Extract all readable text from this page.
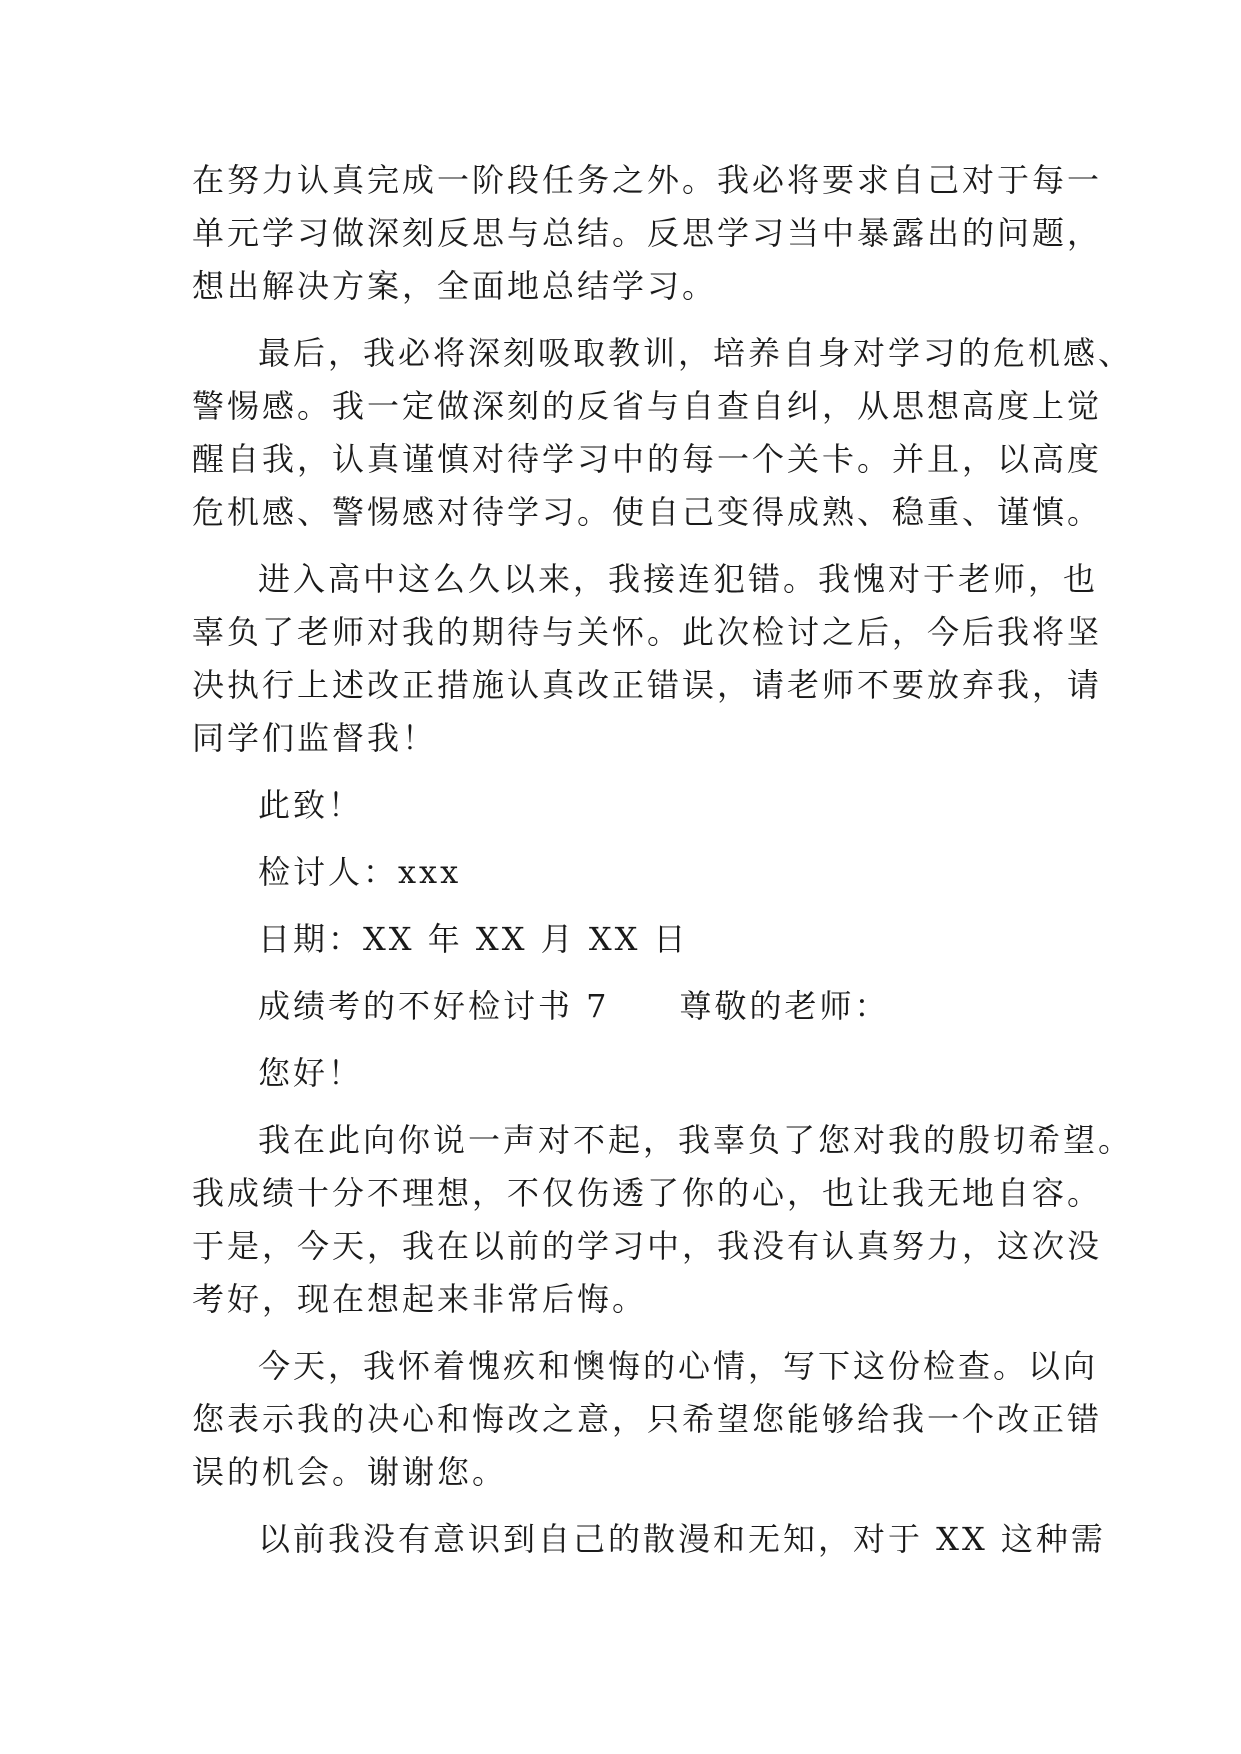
在努力认真完成一阶段任务之外。我必将要求自己对于每一
单元学习做深刻反思与总结。反思学习当中暴露出的问题，
想出解决方案，全面地总结学习。
最后，我必将深刻吸取教训，培养自身对学习的危机感、
警惕感。我一定做深刻的反省与自查自纠，从思想高度上觉
醒自我，认真谨慎对待学习中的每一个关卡。并且，以高度
危机感、警惕感对待学习。使自己变得成熟、稳重、谨慎。
进入高中这么久以来，我接连犯错。我愧对于老师，也
辜负了老师对我的期待与关怀。此次检讨之后，今后我将坚
决执行上述改正措施认真改正错误，请老师不要放弃我，请
同学们监督我！
此致！
检讨人：xxx
日期：XX 年 XX 月 XX 日
成绩考的不好检讨书 7　　尊敬的老师：
您好！
我在此向你说一声对不起，我辜负了您对我的殷切希望。
我成绩十分不理想，不仅伤透了你的心，也让我无地自容。
于是，今天，我在以前的学习中，我没有认真努力，这次没
考好，现在想起来非常后悔。
今天，我怀着愧疚和懊悔的心情，写下这份检查。以向
您表示我的决心和悔改之意，只希望您能够给我一个改正错
误的机会。谢谢您。
以前我没有意识到自己的散漫和无知，对于 XX 这种需
